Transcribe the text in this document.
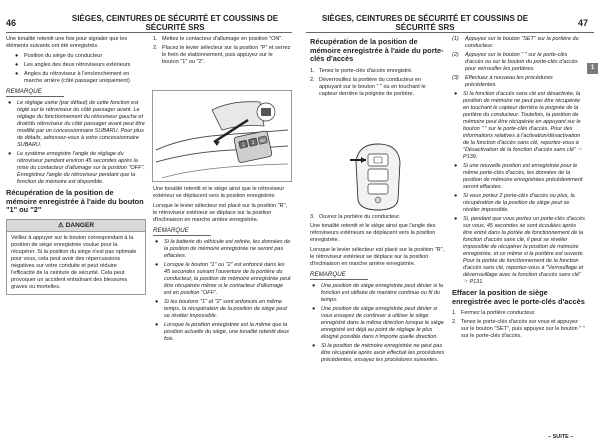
46	SIÈGES, CEINTURES DE SÉCURITÉ ET COUSSINS DE SÉCURITÉ SRS

Une tonalité retentit une fois pour signaler que les éléments suivants ont été enregistrés.

● Position du siège du conducteur
● Les angles des deux rétroviseurs extérieurs
● Angles du rétroviseur à l'enclenchement en marche arrière (côté passager uniquement)
REMARQUE
● Le réglage usine (par défaut) de cette fonction est réglé sur le rétroviseur du côté passager avant. Le réglage du fonctionnement du rétroviseur gauche et droit/du rétroviseur du côté passager avant peut être modifié par un concessionnaire SUBARU. Pour plus de détails, adressez-vous à votre concessionnaire SUBARU.
● Le système enregistre l'angle de réglage du rétroviseur pendant environ 45 secondes après la mise du contacteur d'allumage sur la position "OFF". Enregistrez l'angle du rétroviseur pendant que la fonction de mémoire est disponible.
Récupération de la position de mémoire enregistrée à l'aide du bouton "1" ou "2"
⚠ DANGER
Veillez à appuyer sur le bouton correspondant à la position de siège enregistrée voulue pour la récupérer. Si la position du siège n'est pas optimale pour vous, cela peut avoir des répercussions négatives sur votre conduite et peut réduire l'efficacité de la ceinture de sécurité. Cela peut provoquer un accident entraînant des blessures graves ou mortelles.
1. Mettez le contacteur d'allumage en position "ON".
2. Placez le levier sélecteur sur la position "P" et serrez le frein de stationnement, puis appuyez sur le bouton "1" ou "2".
1 2 SET

Une tonalité retentit et le siège ainsi que le rétroviseur extérieur se déplacent vers la position enregistrée.

Lorsque le levier sélecteur est placé sur la position "R", le rétroviseur extérieur se déplace sur la position d'inclinaison en marche arrière enregistrée.

REMARQUE
● Si la batterie du véhicule est retirée, les données de la position de mémoire enregistrée ne seront pas effacées.
● Lorsque le bouton "1" ou "2" est enfoncé dans les 45 secondes suivant l'ouverture de la portière du conducteur, la position de mémoire enregistrée peut être récupérée même si le contacteur d'allumage est en position "OFF".
● Si les boutons "1" et "2" sont enfoncés en même temps, la récupération de la position de siège peut se révéler impossible.
● Lorsque la position enregistrée est la même que la position actuelle du siège, une tonalité retentit deux fois.
SIÈGES, CEINTURES DE SÉCURITÉ ET COUSSINS DE SÉCURITÉ SRS	47
1
Récupération de la position de mémoire enregistrée à l'aide du porte-clés d'accès
1. Tenez le porte-clés d'accès enregistré.
2. Déverrouillez la portière du conducteur en appuyant sur le bouton " " ou en touchant le capteur derrière la poignée de portière.
3. Ouvrez la portière du conducteur.

Une tonalité retentit et le siège ainsi que l'angle des rétroviseurs extérieurs se déplacent vers la position enregistrée.

Lorsque le levier sélecteur est placé sur la position "R", le rétroviseur extérieur se déplace sur la position d'inclinaison en marche arrière enregistrée.

REMARQUE
● Une position de siège enregistrée peut dévier si la fonction est utilisée de manière continue ou fil du temps.
● Une position de siège enregistrée peut dévier si vous essayez de continuer à utiliser le siège enregistré dans la même direction lorsque le siège enregistré est déjà au point de réglage le plus éloigné possible dans n'importe quelle direction.
● Si la position de mémoire enregistrée ne peut pas être récupérée après avoir effectué les procédures précédentes, essayez les procédures suivantes.
(1) Appuyez sur le bouton "SET" sur la portière du conducteur.
(2) Appuyez sur le bouton " " sur le porte-clés d'accès ou sur le bouton du porte-clés d'accès pour verrouiller les portières.
(3) Effectuez à nouveau les procédures précédentes.
● Si la fonction d'accès sans clé est désactivée, la position de mémoire ne peut pas être récupérée en touchant le capteur derrière la poignée de la portière du conducteur. Toutefois, la position de mémoire peut être récupérée en appuyant sur le bouton " " sur le porte-clés d'accès. Pour des informations relatives à l'activation/désactivation de la fonction d'accès sans clé, reportez-vous à "Désactivation de la fonction d'accès sans clé" ☞ P139.
● Si une nouvelle position est enregistrée pour le même porte-clés d'accès, les données de la position de mémoire enregistrées précédemment seront effacées.
● Si vous portez 2 porte-clés d'accès ou plus, la récupération de la position de siège peut se révéler impossible.
● Si, pendant que vous portez un porte-clés d'accès sur vous, 45 secondes se sont écoulées après être entré dans la portée de fonctionnement de la fonction d'accès sans clé, il peut se révéler impossible de récupérer la position de mémoire enregistrée, et ce même si la portière est ouverte. Pour la portée de fonctionnement de la fonction d'accès sans clé, reportez-vous à "Verrouillage et déverrouillage avec la fonction d'accès sans clé" ☞ P131.
Effacer la position de siège enregistrée avec le porte-clés d'accès
1. Fermez la portière conducteur.
2. Tenez le porte-clés d'accès sur vous et appuyez sur le bouton "SET", puis appuyez sur le bouton " " sur le porte-clés d'accès.
– SUITE –
